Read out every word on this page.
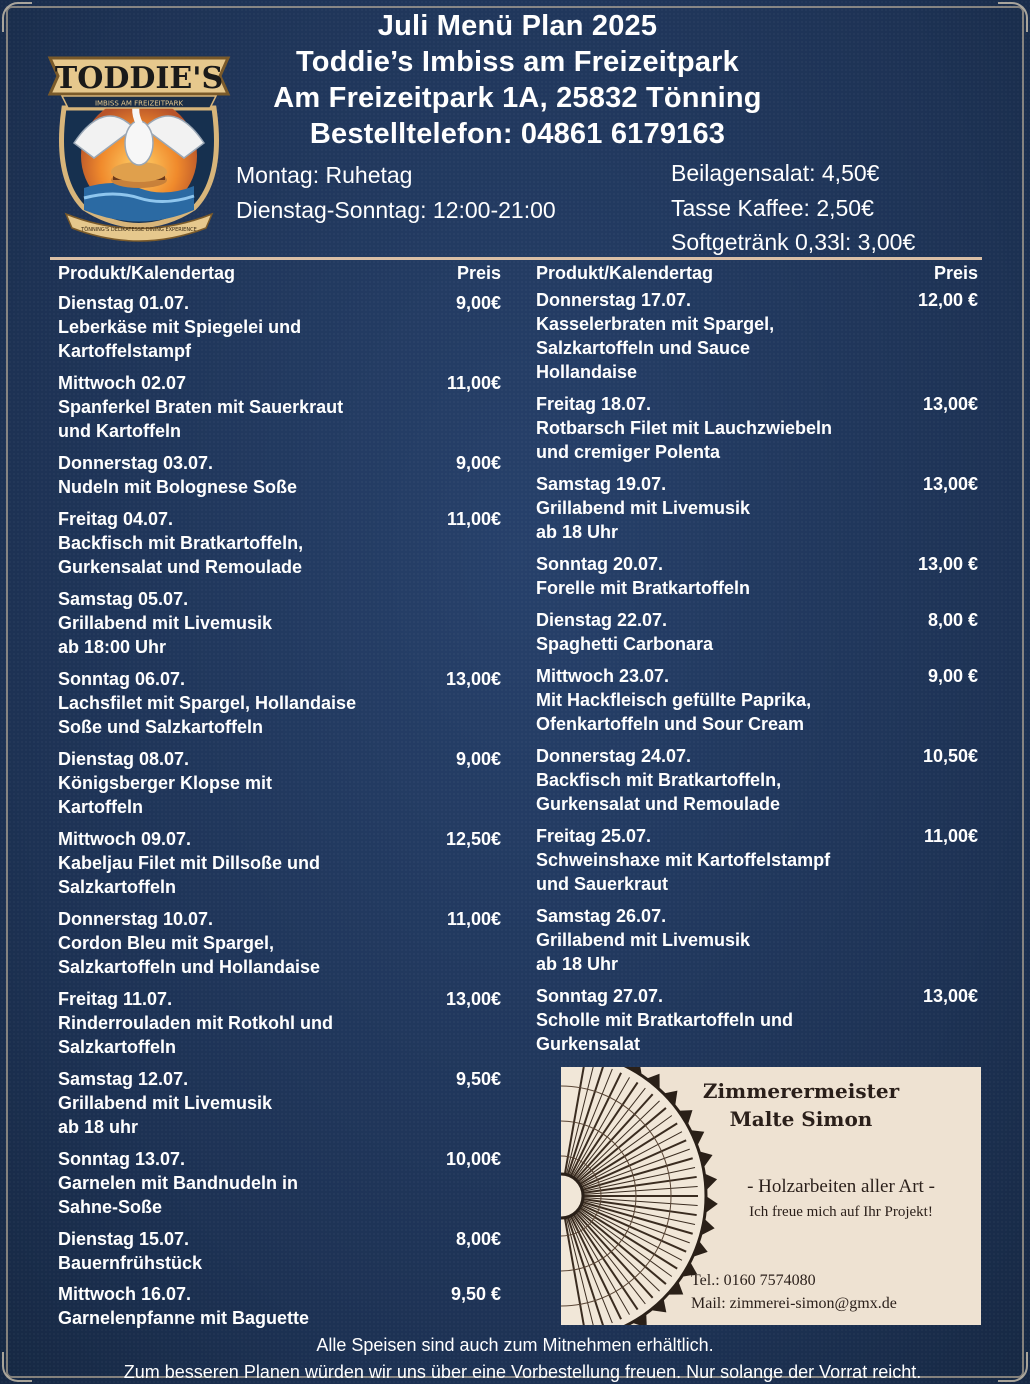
TODDIE'S
IMBISS AM FREIZEITPARK
TÖNNING'S DELIKATESSE DINING EXPERIENCE
Juli Menü Plan 2025
Toddie’s Imbiss am Freizeitpark
Am Freizeitpark 1A, 25832 Tönning
Bestelltelefon: 04861 6179163
Montag: Ruhetag
Dienstag-Sonntag: 12:00-21:00
Beilagensalat: 4,50€
Tasse Kaffee: 2,50€
Softgetränk 0,33l: 3,00€
Produkt/Kalendertag	Preis
Dienstag 01.07.
Leberkäse mit Spiegelei und
Kartoffelstampf
9,00€
Mittwoch 02.07
Spanferkel Braten mit Sauerkraut
und Kartoffeln
11,00€
Donnerstag 03.07.
Nudeln mit Bolognese Soße
9,00€
Freitag 04.07.
Backfisch mit Bratkartoffeln,
Gurkensalat und Remoulade
11,00€
Samstag 05.07.
Grillabend mit Livemusik
ab 18:00 Uhr
Sonntag 06.07.
Lachsfilet mit Spargel, Hollandaise
Soße und Salzkartoffeln
13,00€
Dienstag 08.07.
Königsberger Klopse mit
Kartoffeln
9,00€
Mittwoch 09.07.
Kabeljau Filet mit Dillsoße und
Salzkartoffeln
12,50€
Donnerstag 10.07.
Cordon Bleu mit Spargel,
Salzkartoffeln und Hollandaise
11,00€
Freitag 11.07.
Rinderrouladen mit Rotkohl und
Salzkartoffeln
13,00€
Samstag 12.07.
Grillabend mit Livemusik
ab 18 uhr
9,50€
Sonntag 13.07.
Garnelen mit Bandnudeln in
Sahne-Soße
10,00€
Dienstag 15.07.
Bauernfrühstück
8,00€
Mittwoch 16.07.
Garnelenpfanne mit Baguette
9,50 €
Produkt/Kalendertag	Preis
Donnerstag 17.07.
Kasselerbraten mit Spargel,
Salzkartoffeln und Sauce
Hollandaise
12,00 €
Freitag 18.07.
Rotbarsch Filet mit Lauchzwiebeln
und cremiger Polenta
13,00€
Samstag 19.07.
Grillabend mit Livemusik
ab 18 Uhr
13,00€
Sonntag 20.07.
Forelle mit Bratkartoffeln
13,00 €
Dienstag 22.07.
Spaghetti Carbonara
8,00 €
Mittwoch 23.07.
Mit Hackfleisch gefüllte Paprika,
Ofenkartoffeln und Sour Cream
9,00 €
Donnerstag 24.07.
Backfisch mit Bratkartoffeln,
Gurkensalat und Remoulade
10,50€
Freitag 25.07.
Schweinshaxe mit Kartoffelstampf
und Sauerkraut
11,00€
Samstag 26.07.
Grillabend mit Livemusik
ab 18 Uhr
Sonntag 27.07.
Scholle mit Bratkartoffeln und
Gurkensalat
13,00€
Zimmerermeister
Malte Simon
- Holzarbeiten aller Art -
Ich freue mich auf Ihr Projekt!
Tel.: 0160 7574080
Mail: zimmerei-simon@gmx.de
Alle Speisen sind auch zum Mitnehmen erhältlich.
Zum besseren Planen würden wir uns über eine Vorbestellung freuen. Nur solange der Vorrat reicht.
